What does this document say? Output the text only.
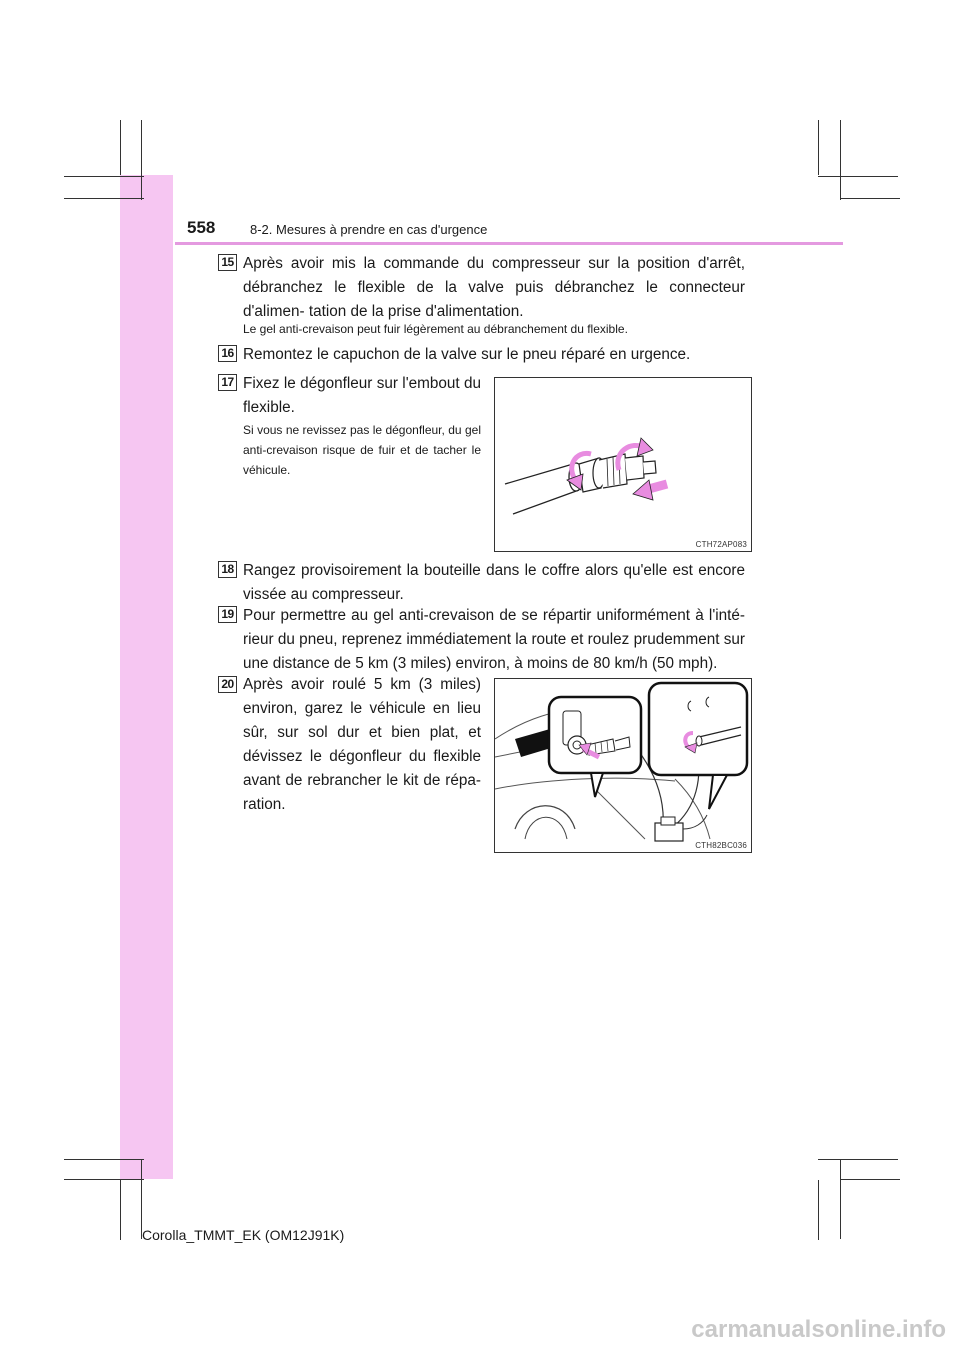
558	8-2. Mesures à prendre en cas d'urgence
15 Après avoir mis la commande du compresseur sur la position d'arrêt, débranchez le flexible de la valve puis débranchez le connecteur d'alimen- tation de la prise d'alimentation.
Le gel anti-crevaison peut fuir légèrement au débranchement du flexible.
16 Remontez le capuchon de la valve sur le pneu réparé en urgence.
17 Fixez le dégonfleur sur l'embout du flexible.
Si vous ne revissez pas le dégonfleur, du gel anti-crevaison risque de fuir et de tacher le véhicule.
CTH72AP083
18 Rangez provisoirement la bouteille dans le coffre alors qu'elle est encore vissée au compresseur.
19 Pour permettre au gel anti-crevaison de se répartir uniformément à l'inté- rieur du pneu, reprenez immédiatement la route et roulez prudemment sur une distance de 5 km (3 miles) environ, à moins de 80 km/h (50 mph).
20 Après avoir roulé 5 km (3 miles) environ, garez le véhicule en lieu sûr, sur sol dur et bien plat, et dévissez le dégonfleur du flexible avant de rebrancher le kit de répa- ration.
CTH82BC036
Corolla_TMMT_EK (OM12J91K)
carmanualsonline.info
